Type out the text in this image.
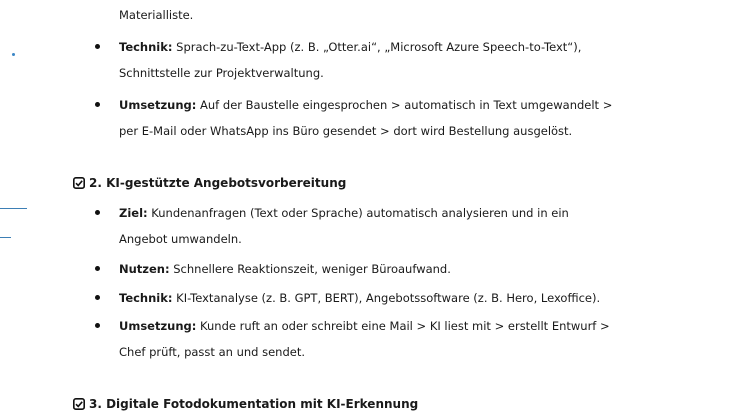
Materialliste.
Technik: Sprach-zu-Text-App (z. B. „Otter.ai“, „Microsoft Azure Speech-to-Text“),
Schnittstelle zur Projektverwaltung.
Umsetzung: Auf der Baustelle eingesprochen > automatisch in Text umgewandelt >
per E-Mail oder WhatsApp ins Büro gesendet > dort wird Bestellung ausgelöst.
2. KI-gestützte Angebotsvorbereitung
Ziel: Kundenanfragen (Text oder Sprache) automatisch analysieren und in ein
Angebot umwandeln.
Nutzen: Schnellere Reaktionszeit, weniger Büroaufwand.
Technik: KI-Textanalyse (z. B. GPT, BERT), Angebotssoftware (z. B. Hero, Lexoffice).
Umsetzung: Kunde ruft an oder schreibt eine Mail > KI liest mit > erstellt Entwurf >
Chef prüft, passt an und sendet.
3. Digitale Fotodokumentation mit KI-Erkennung
